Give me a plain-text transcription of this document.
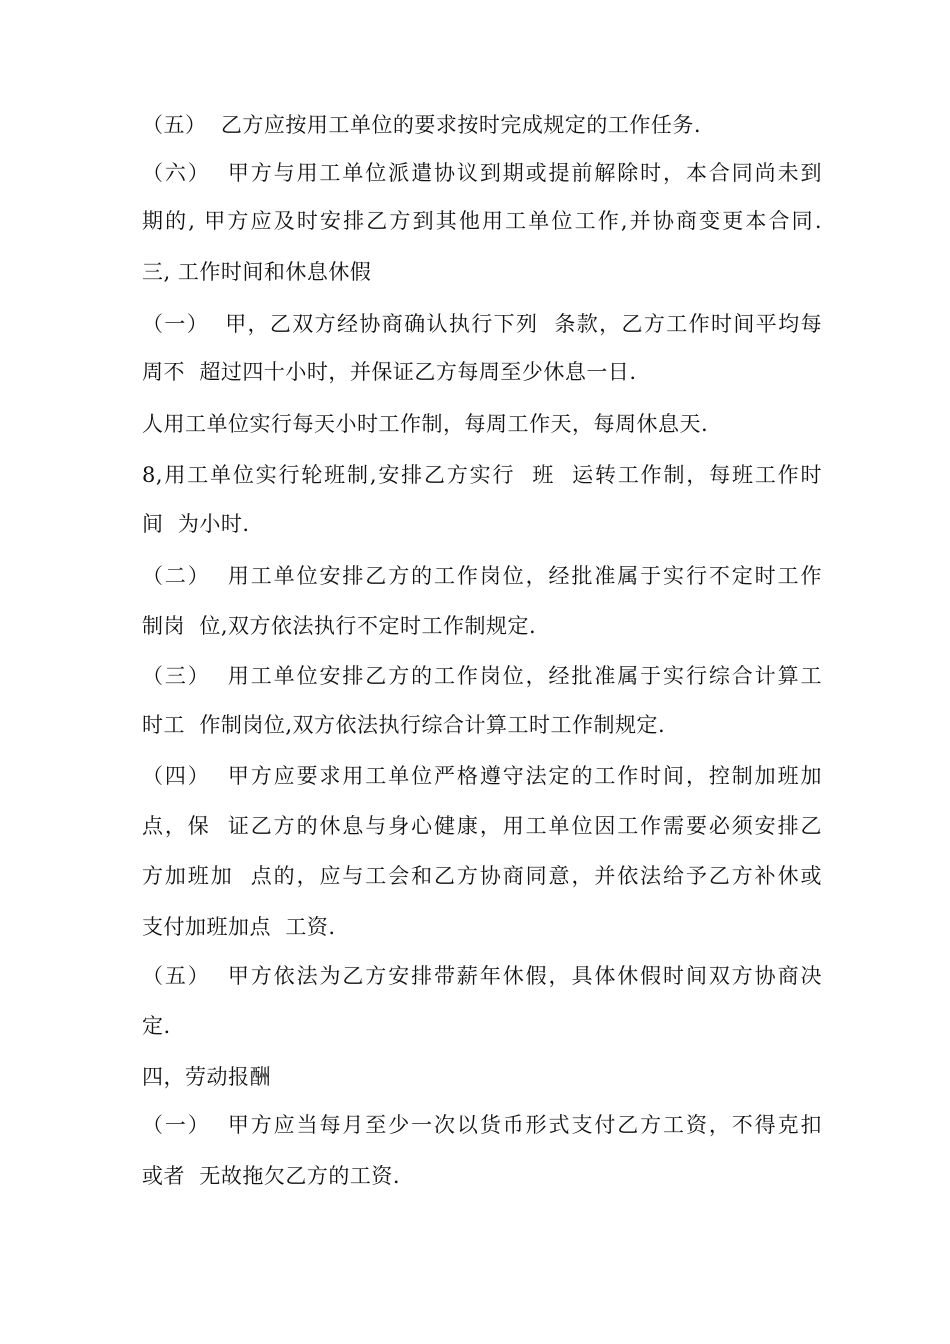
（五）  乙方应按用工单位的要求按时完成规定的工作任务.
（六）  甲方与用工单位派遣协议到期或提前解除时，本合同尚未到
期的, 甲方应及时安排乙方到其他用工单位工作,并协商变更本合同.
三, 工作时间和休息休假
（一）  甲，乙双方经协商确认执行下列  条款，乙方工作时间平均每
周不  超过四十小时，并保证乙方每周至少休息一日.
人用工单位实行每天小时工作制，每周工作天，每周休息天.
8,用工单位实行轮班制,安排乙方实行  班  运转工作制，每班工作时
间  为小时.
（二）  用工单位安排乙方的工作岗位，经批准属于实行不定时工作
制岗  位,双方依法执行不定时工作制规定.
（三）  用工单位安排乙方的工作岗位，经批准属于实行综合计算工
时工  作制岗位,双方依法执行综合计算工时工作制规定.
（四）  甲方应要求用工单位严格遵守法定的工作时间，控制加班加
点，保  证乙方的休息与身心健康，用工单位因工作需要必须安排乙
方加班加  点的，应与工会和乙方协商同意，并依法给予乙方补休或
支付加班加点  工资.
（五）  甲方依法为乙方安排带薪年休假，具体休假时间双方协商决
定.
四，劳动报酬
（一）  甲方应当每月至少一次以货币形式支付乙方工资，不得克扣
或者  无故拖欠乙方的工资.
